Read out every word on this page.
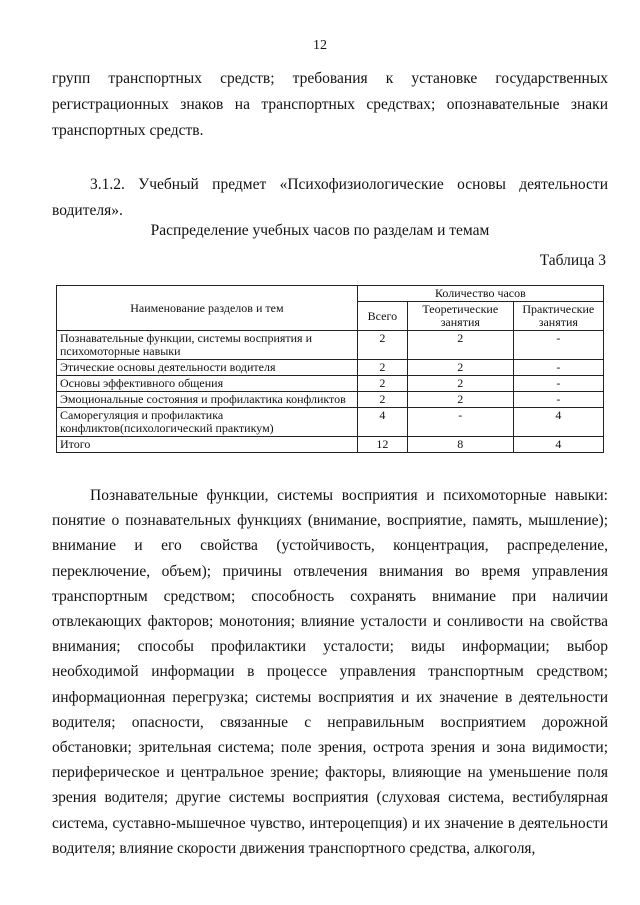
12
групп транспортных средств; требования к установке государственных регистрационных знаков на транспортных средствах; опознавательные знаки транспортных средств.
3.1.2. Учебный предмет «Психофизиологические основы деятельности водителя».
Распределение учебных часов по разделам и темам
Таблица 3
Наименование разделов и тем	Количество часов		
	Всего	Теоретические занятия	Практические занятия
Познавательные функции, системы восприятия и психомоторные навыки	2	2	-
Этические основы деятельности водителя	2	2	-
Основы эффективного общения	2	2	-
Эмоциональные состояния и профилактика конфликтов	2	2	-
Саморегуляция и профилактика конфликтов(психологический практикум)	4	-	4
Итого	12	8	4
Познавательные функции, системы восприятия и психомоторные навыки: понятие о познавательных функциях (внимание, восприятие, память, мышление); внимание и его свойства (устойчивость, концентрация, распределение, переключение, объем); причины отвлечения внимания во время управления транспортным средством; способность сохранять внимание при наличии отвлекающих факторов; монотония; влияние усталости и сонливости на свойства внимания; способы профилактики усталости; виды информации; выбор необходимой информации в процессе управления транспортным средством; информационная перегрузка; системы восприятия и их значение в деятельности водителя; опасности, связанные с неправильным восприятием дорожной обстановки; зрительная система; поле зрения, острота зрения и зона видимости; периферическое и центральное зрение; факторы, влияющие на уменьшение поля зрения водителя; другие системы восприятия (слуховая система, вестибулярная система, суставно-мышечное чувство, интероцепция) и их значение в деятельности водителя; влияние скорости движения транспортного средства, алкоголя,
